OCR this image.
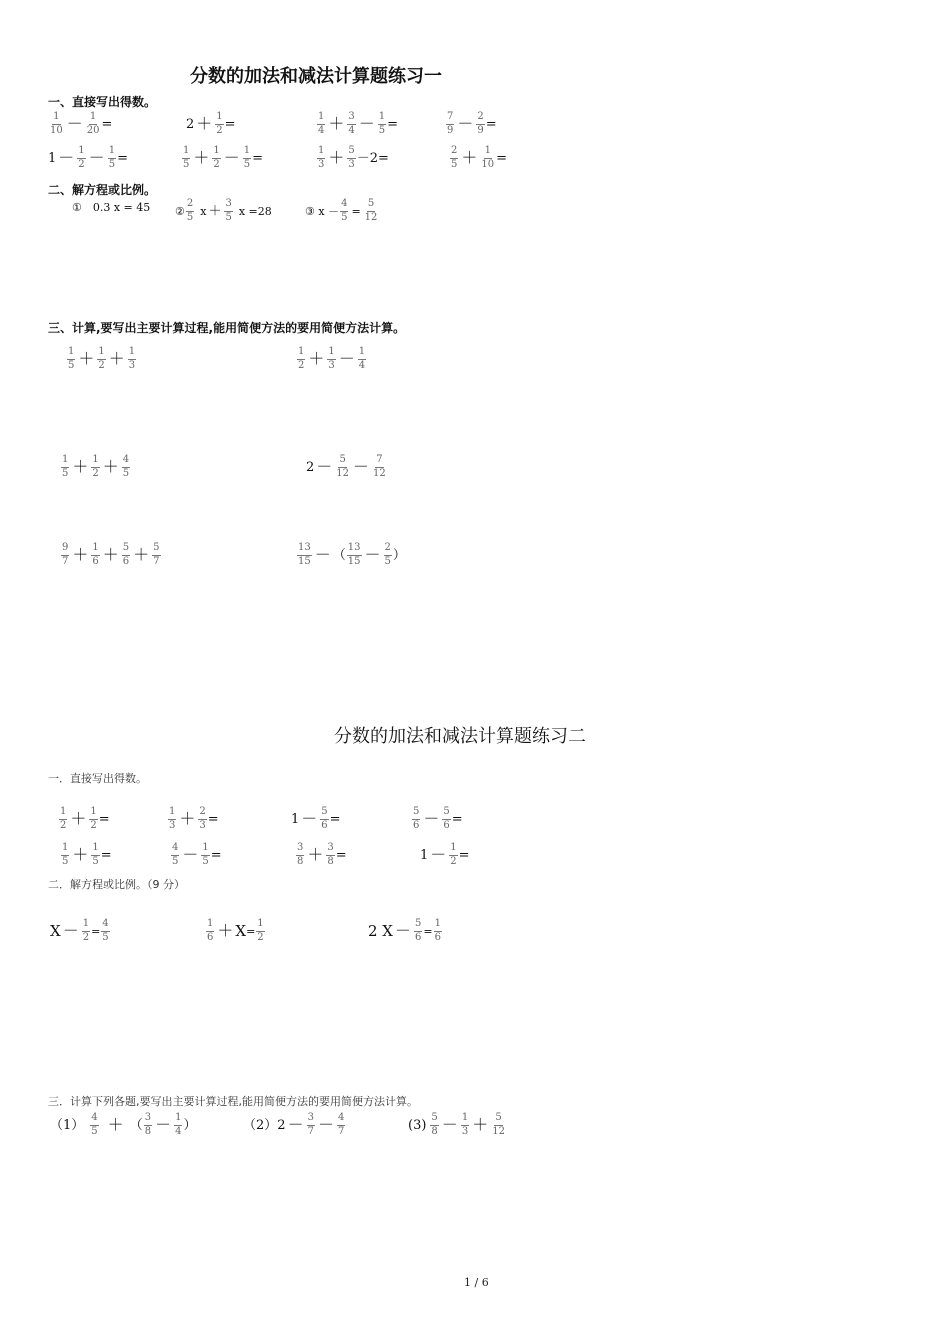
分数的加法和减法计算题练习一
一、直接写出得数。
$\frac{1}{10} - \frac{1}{20}$ =	$2 + \frac{1}{2}$ =	$\frac{1}{4} + \frac{3}{4} - \frac{1}{5}$ =	$\frac{7}{9} - \frac{2}{9}$ =
$1 - \frac{1}{2} - \frac{1}{5}$ =	$\frac{1}{5} + \frac{1}{2} - \frac{1}{5}$ =	$\frac{1}{3} + \frac{5}{3} -2=$	$\frac{2}{5} + \frac{1}{10}$ =
二、解方程或比例。
①　0.3 x = 45 ② $\frac{2}{5}$ $x + \frac{3}{5}$ x =28	③ $x - \frac{4}{5} = \frac{5}{12}$
三、计算,要写出主要计算过程,能用简便方法的要用简便方法计算。
$\frac{1}{5} + \frac{1}{2} + \frac{1}{3}$	$\frac{1}{2} + \frac{1}{3} - \frac{1}{4}$
$\frac{1}{5} + \frac{1}{2} + \frac{4}{5}$	$2 - \frac{5}{12} - \frac{7}{12}$
$\frac{9}{7} + \frac{1}{6} + \frac{5}{6} + \frac{5}{7}$	$\frac{13}{15}$ － （ $\frac{13}{15} - \frac{2}{5}$ ）
分数的加法和减法计算题练习二
一．直接写出得数。
$\frac{1}{2} + \frac{1}{2}$ =	$\frac{1}{3} + \frac{2}{3}$ =	$1 - \frac{5}{6}$ =	$\frac{5}{6} - \frac{5}{6}$ =
$\frac{1}{5} + \frac{1}{5}$ =	$\frac{4}{5} - \frac{1}{5}$ =	$\frac{3}{8} + \frac{3}{8}$ =	$1 - \frac{1}{2}$ =
二．解方程或比例。（9 分）
$X - \frac{1}{2} = \frac{4}{5}$	$\frac{1}{6} + X = \frac{1}{2}$	2 $X - \frac{5}{6} = \frac{1}{6}$
三．计算下列各题,要写出主要计算过程,能用简便方法的要用简便方法计算。
$(1) \frac{4}{5}$ ＋ （ $\frac{3}{8} - \frac{1}{4}$ ）	（2） $2 - \frac{3}{7} - \frac{4}{7}$	$(3) \frac{5}{8} - \frac{1}{3} + \frac{5}{12}$
1 / 6
